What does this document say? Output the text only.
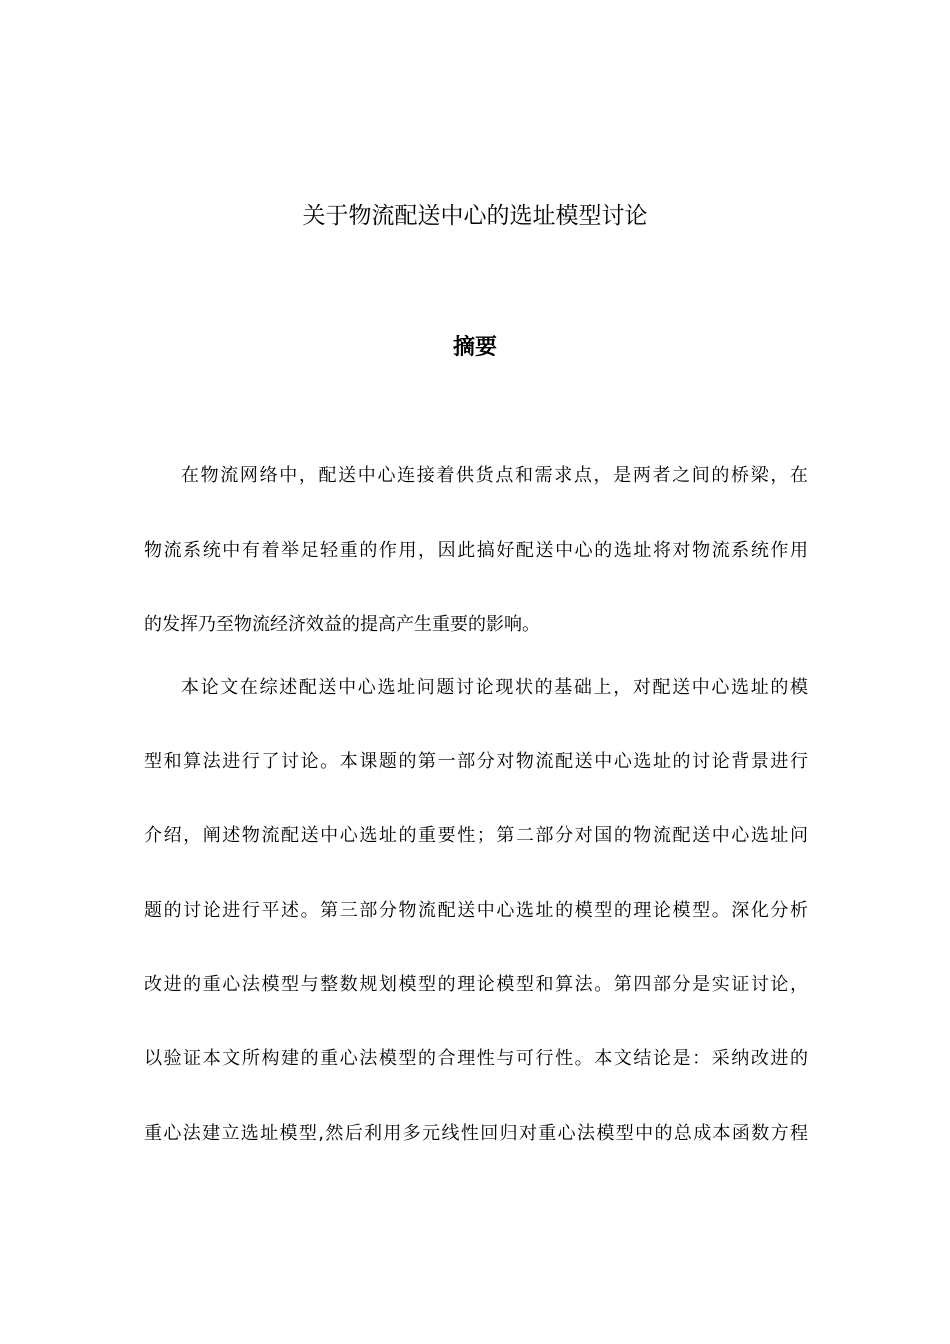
关于物流配送中心的选址模型讨论
摘要
在物流网络中，配送中心连接着供货点和需求点，是两者之间的桥梁，在
物流系统中有着举足轻重的作用，因此搞好配送中心的选址将对物流系统作用
的发挥乃至物流经济效益的提高产生重要的影响。
本论文在综述配送中心选址问题讨论现状的基础上，对配送中心选址的模
型和算法进行了讨论。本课题的第一部分对物流配送中心选址的讨论背景进行
介绍，阐述物流配送中心选址的重要性；第二部分对国的物流配送中心选址问
题的讨论进行平述。第三部分物流配送中心选址的模型的理论模型。深化分析
改进的重心法模型与整数规划模型的理论模型和算法。第四部分是实证讨论，
以验证本文所构建的重心法模型的合理性与可行性。本文结论是：采纳改进的
重心法建立选址模型,然后利用多元线性回归对重心法模型中的总成本函数方程
